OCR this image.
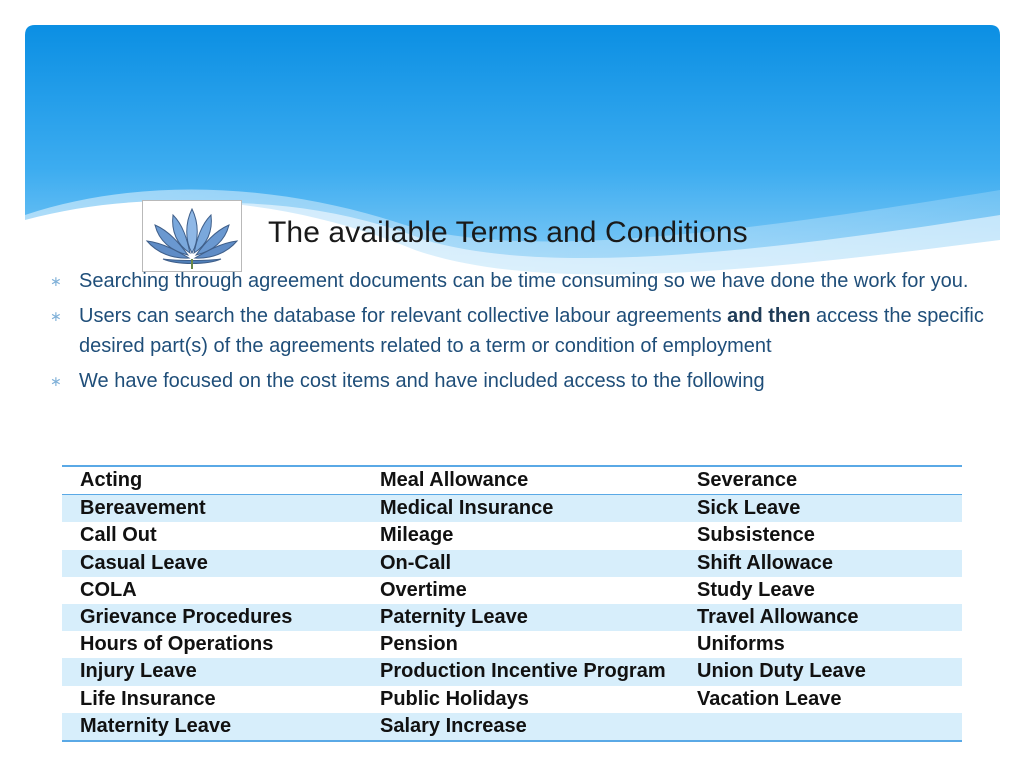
The available Terms and Conditions
∗ Searching through agreement documents can be time consuming so we have done the work for you.
∗ Users can search the database for relevant collective labour agreements and then access the specific desired part(s) of the agreements related to a term or condition of employment
∗ We have focused on the cost items and have included access to the following
Acting	Meal Allowance	Severance
Bereavement	Medical Insurance	Sick Leave
Call Out	Mileage	Subsistence
Casual Leave	On-Call	Shift Allowace
COLA	Overtime	Study Leave
Grievance Procedures	Paternity Leave	Travel Allowance
Hours of Operations	Pension	Uniforms
Injury Leave	Production Incentive Program	Union Duty Leave
Life Insurance	Public Holidays	Vacation Leave
Maternity Leave	Salary Increase	
